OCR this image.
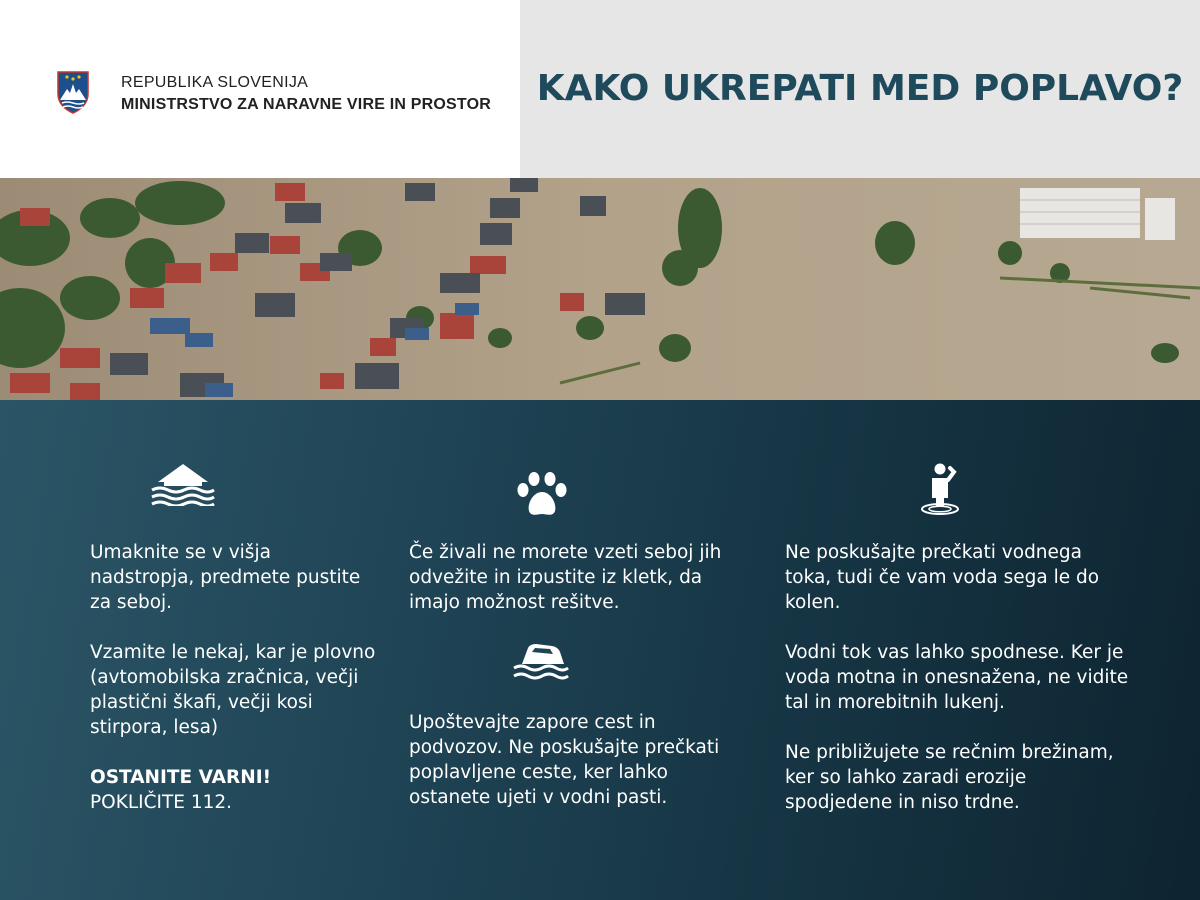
REPUBLIKA SLOVENIJA
MINISTRSTVO ZA NARAVNE VIRE IN PROSTOR	KAKO UKREPATI MED POPLAVO?

Umaknite se v višja nadstropja, predmete pustite za seboj.

Vzamite le nekaj, kar je plovno (avtomobilska zračnica, večji plastični škafi, večji kosi stirpora, lesa)

OSTANITE VARNI!
POKLIČITE 112.

Če živali ne morete vzeti seboj jih odvežite in izpustite iz kletk, da imajo možnost rešitve.

Upoštevajte zapore cest in podvozov. Ne poskušajte prečkati poplavljene ceste, ker lahko ostanete ujeti v vodni pasti.

Ne poskušajte prečkati vodnega toka, tudi če vam voda sega le do kolen.

Vodni tok vas lahko spodnese. Ker je voda motna in onesnažena, ne vidite tal in morebitnih lukenj.

Ne približujete se rečnim brežinam, ker so lahko zaradi erozije spodjedene in niso trdne.
